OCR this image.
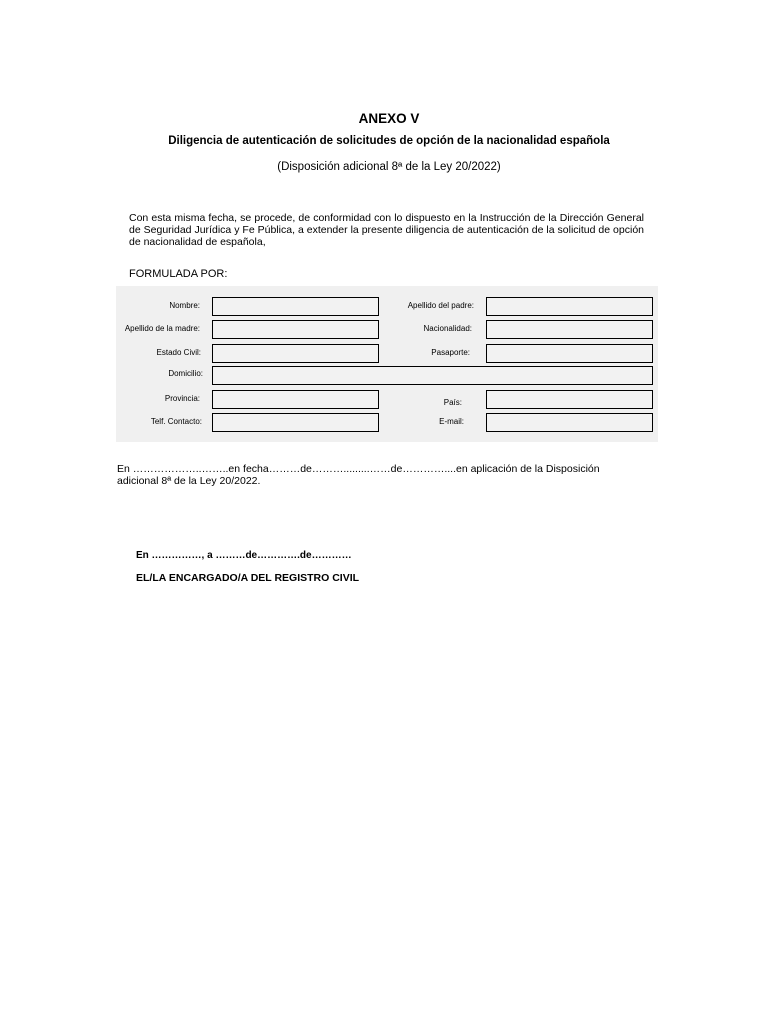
ANEXO V
Diligencia de autenticación de solicitudes de opción de la nacionalidad española
(Disposición adicional 8ª de la Ley 20/2022)
Con esta misma fecha, se procede, de conformidad con lo dispuesto en la Instrucción de la Dirección General de Seguridad Jurídica y Fe Pública, a extender la presente diligencia de autenticación de la solicitud de opción de nacionalidad de española,
FORMULADA POR:
Nombre:	Apellido del padre:
Apellido de la madre:	Nacionalidad:
Estado Civil:	Pasaporte:
Domicilio:
Provincia:	País:
Telf. Contacto:	E-mail:
En ………………..……..en fecha………de……….........……de…………....en aplicación de la Disposición adicional 8ª de la Ley 20/2022.
En ……………, a ………de………….de…………
EL/LA ENCARGADO/A DEL REGISTRO CIVIL
